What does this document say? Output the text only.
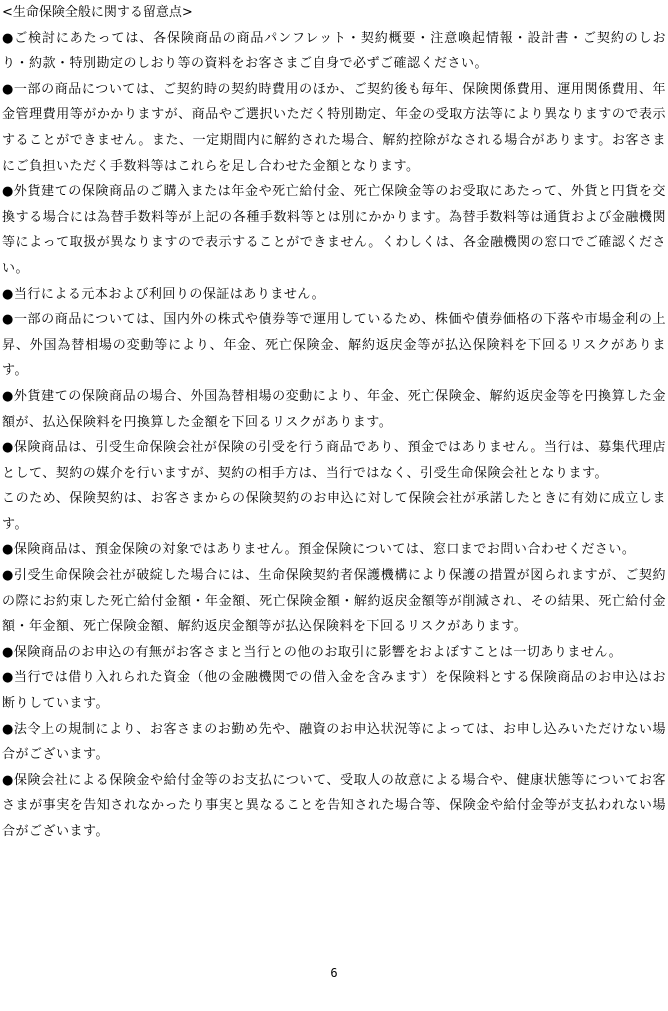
<生命保険全般に関する留意点>

●ご検討にあたっては、各保険商品の商品パンフレット・契約概要・注意喚起情報・設計書・ご契約のしおり・約款・特別勘定のしおり等の資料をお客さまご自身で必ずご確認ください。

●一部の商品については、ご契約時の契約時費用のほか、ご契約後も毎年、保険関係費用、運用関係費用、年金管理費用等がかかりますが、商品やご選択いただく特別勘定、年金の受取方法等により異なりますので表示することができません。また、一定期間内に解約された場合、解約控除がなされる場合があります。お客さまにご負担いただく手数料等はこれらを足し合わせた金額となります。

●外貨建ての保険商品のご購入または年金や死亡給付金、死亡保険金等のお受取にあたって、外貨と円貨を交換する場合には為替手数料等が上記の各種手数料等とは別にかかります。為替手数料等は通貨および金融機関等によって取扱が異なりますので表示することができません。くわしくは、各金融機関の窓口でご確認ください。

●当行による元本および利回りの保証はありません。

●一部の商品については、国内外の株式や債券等で運用しているため、株価や債券価格の下落や市場金利の上昇、外国為替相場の変動等により、年金、死亡保険金、解約返戻金等が払込保険料を下回るリスクがあります。

●外貨建ての保険商品の場合、外国為替相場の変動により、年金、死亡保険金、解約返戻金等を円換算した金額が、払込保険料を円換算した金額を下回るリスクがあります。

●保険商品は、引受生命保険会社が保険の引受を行う商品であり、預金ではありません。当行は、募集代理店として、契約の媒介を行いますが、契約の相手方は、当行ではなく、引受生命保険会社となります。

このため、保険契約は、お客さまからの保険契約のお申込に対して保険会社が承諾したときに有効に成立します。

●保険商品は、預金保険の対象ではありません。預金保険については、窓口までお問い合わせください。

●引受生命保険会社が破綻した場合には、生命保険契約者保護機構により保護の措置が図られますが、ご契約の際にお約束した死亡給付金額・年金額、死亡保険金額・解約返戻金額等が削減され、その結果、死亡給付金額・年金額、死亡保険金額、解約返戻金額等が払込保険料を下回るリスクがあります。

●保険商品のお申込の有無がお客さまと当行との他のお取引に影響をおよぼすことは一切ありません。

●当行では借り入れられた資金（他の金融機関での借入金を含みます）を保険料とする保険商品のお申込はお断りしています。

●法令上の規制により、お客さまのお勤め先や、融資のお申込状況等によっては、お申し込みいただけない場合がございます。

●保険会社による保険金や給付金等のお支払について、受取人の故意による場合や、健康状態等についてお客さまが事実を告知されなかったり事実と異なることを告知された場合等、保険金や給付金等が支払われない場合がございます。

6
